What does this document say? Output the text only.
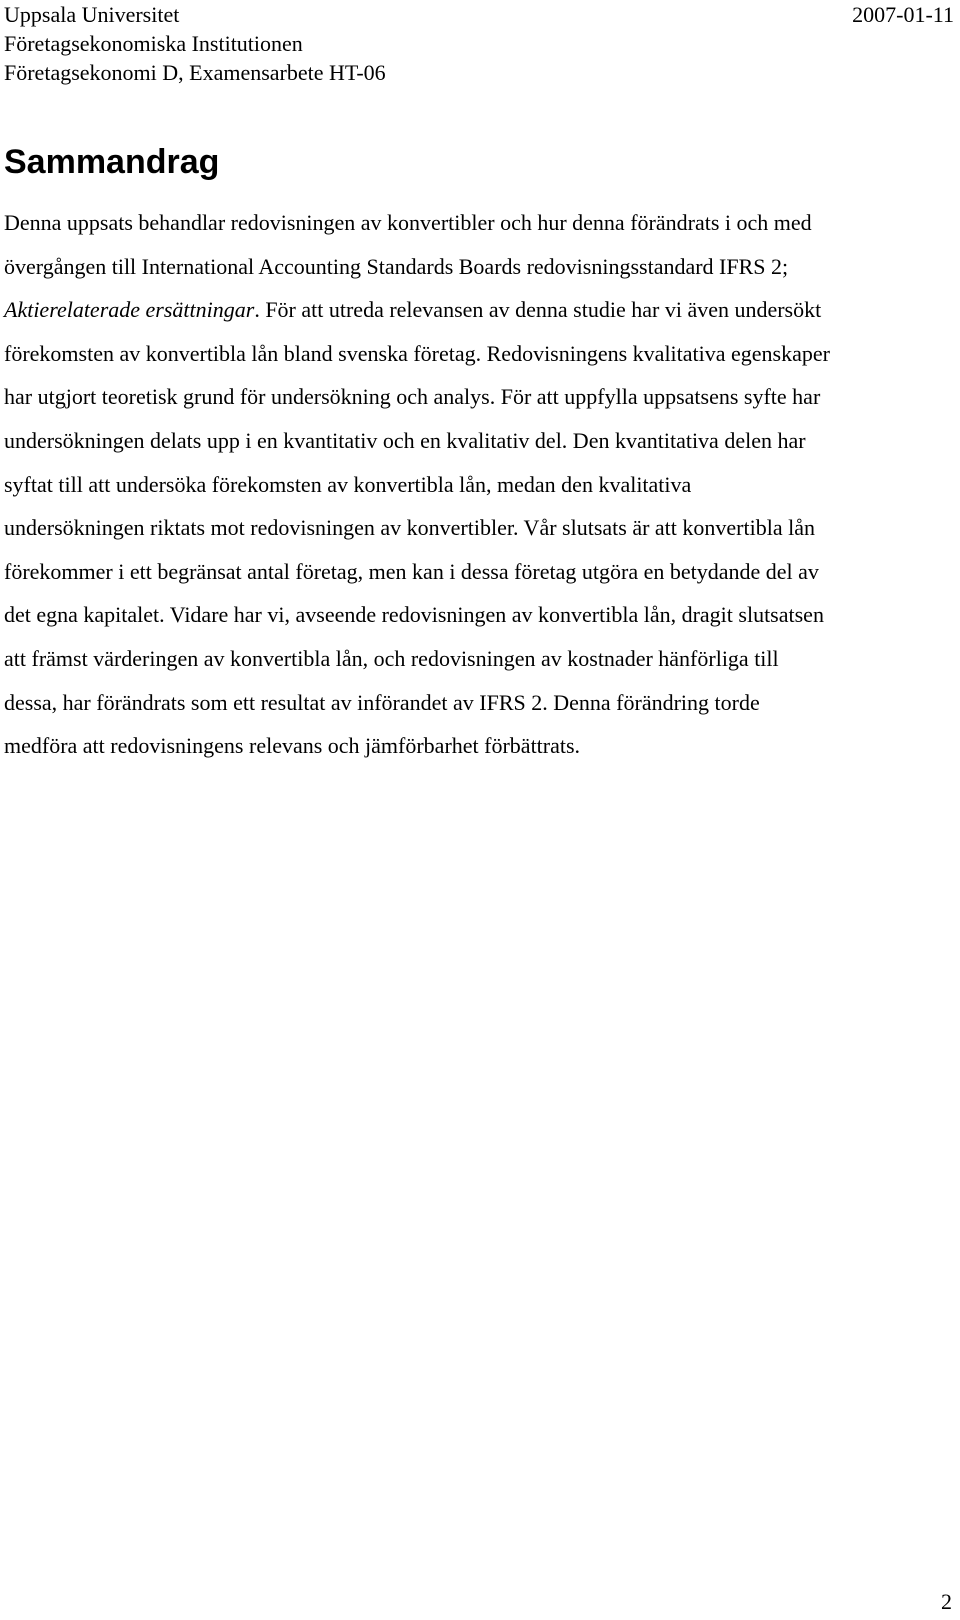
Uppsala Universitet	2007-01-11
Företagsekonomiska Institutionen
Företagsekonomi D, Examensarbete HT-06
Sammandrag

Denna uppsats behandlar redovisningen av konvertibler och hur denna förändrats i och med
övergången till International Accounting Standards Boards redovisningsstandard IFRS 2;
Aktierelaterade ersättningar. För att utreda relevansen av denna studie har vi även undersökt
förekomsten av konvertibla lån bland svenska företag. Redovisningens kvalitativa egenskaper
har utgjort teoretisk grund för undersökning och analys. För att uppfylla uppsatsens syfte har
undersökningen delats upp i en kvantitativ och en kvalitativ del. Den kvantitativa delen har
syftat till att undersöka förekomsten av konvertibla lån, medan den kvalitativa
undersökningen riktats mot redovisningen av konvertibler. Vår slutsats är att konvertibla lån
förekommer i ett begränsat antal företag, men kan i dessa företag utgöra en betydande del av
det egna kapitalet. Vidare har vi, avseende redovisningen av konvertibla lån, dragit slutsatsen
att främst värderingen av konvertibla lån, och redovisningen av kostnader hänförliga till
dessa, har förändrats som ett resultat av införandet av IFRS 2. Denna förändring torde
medföra att redovisningens relevans och jämförbarhet förbättrats.

2
